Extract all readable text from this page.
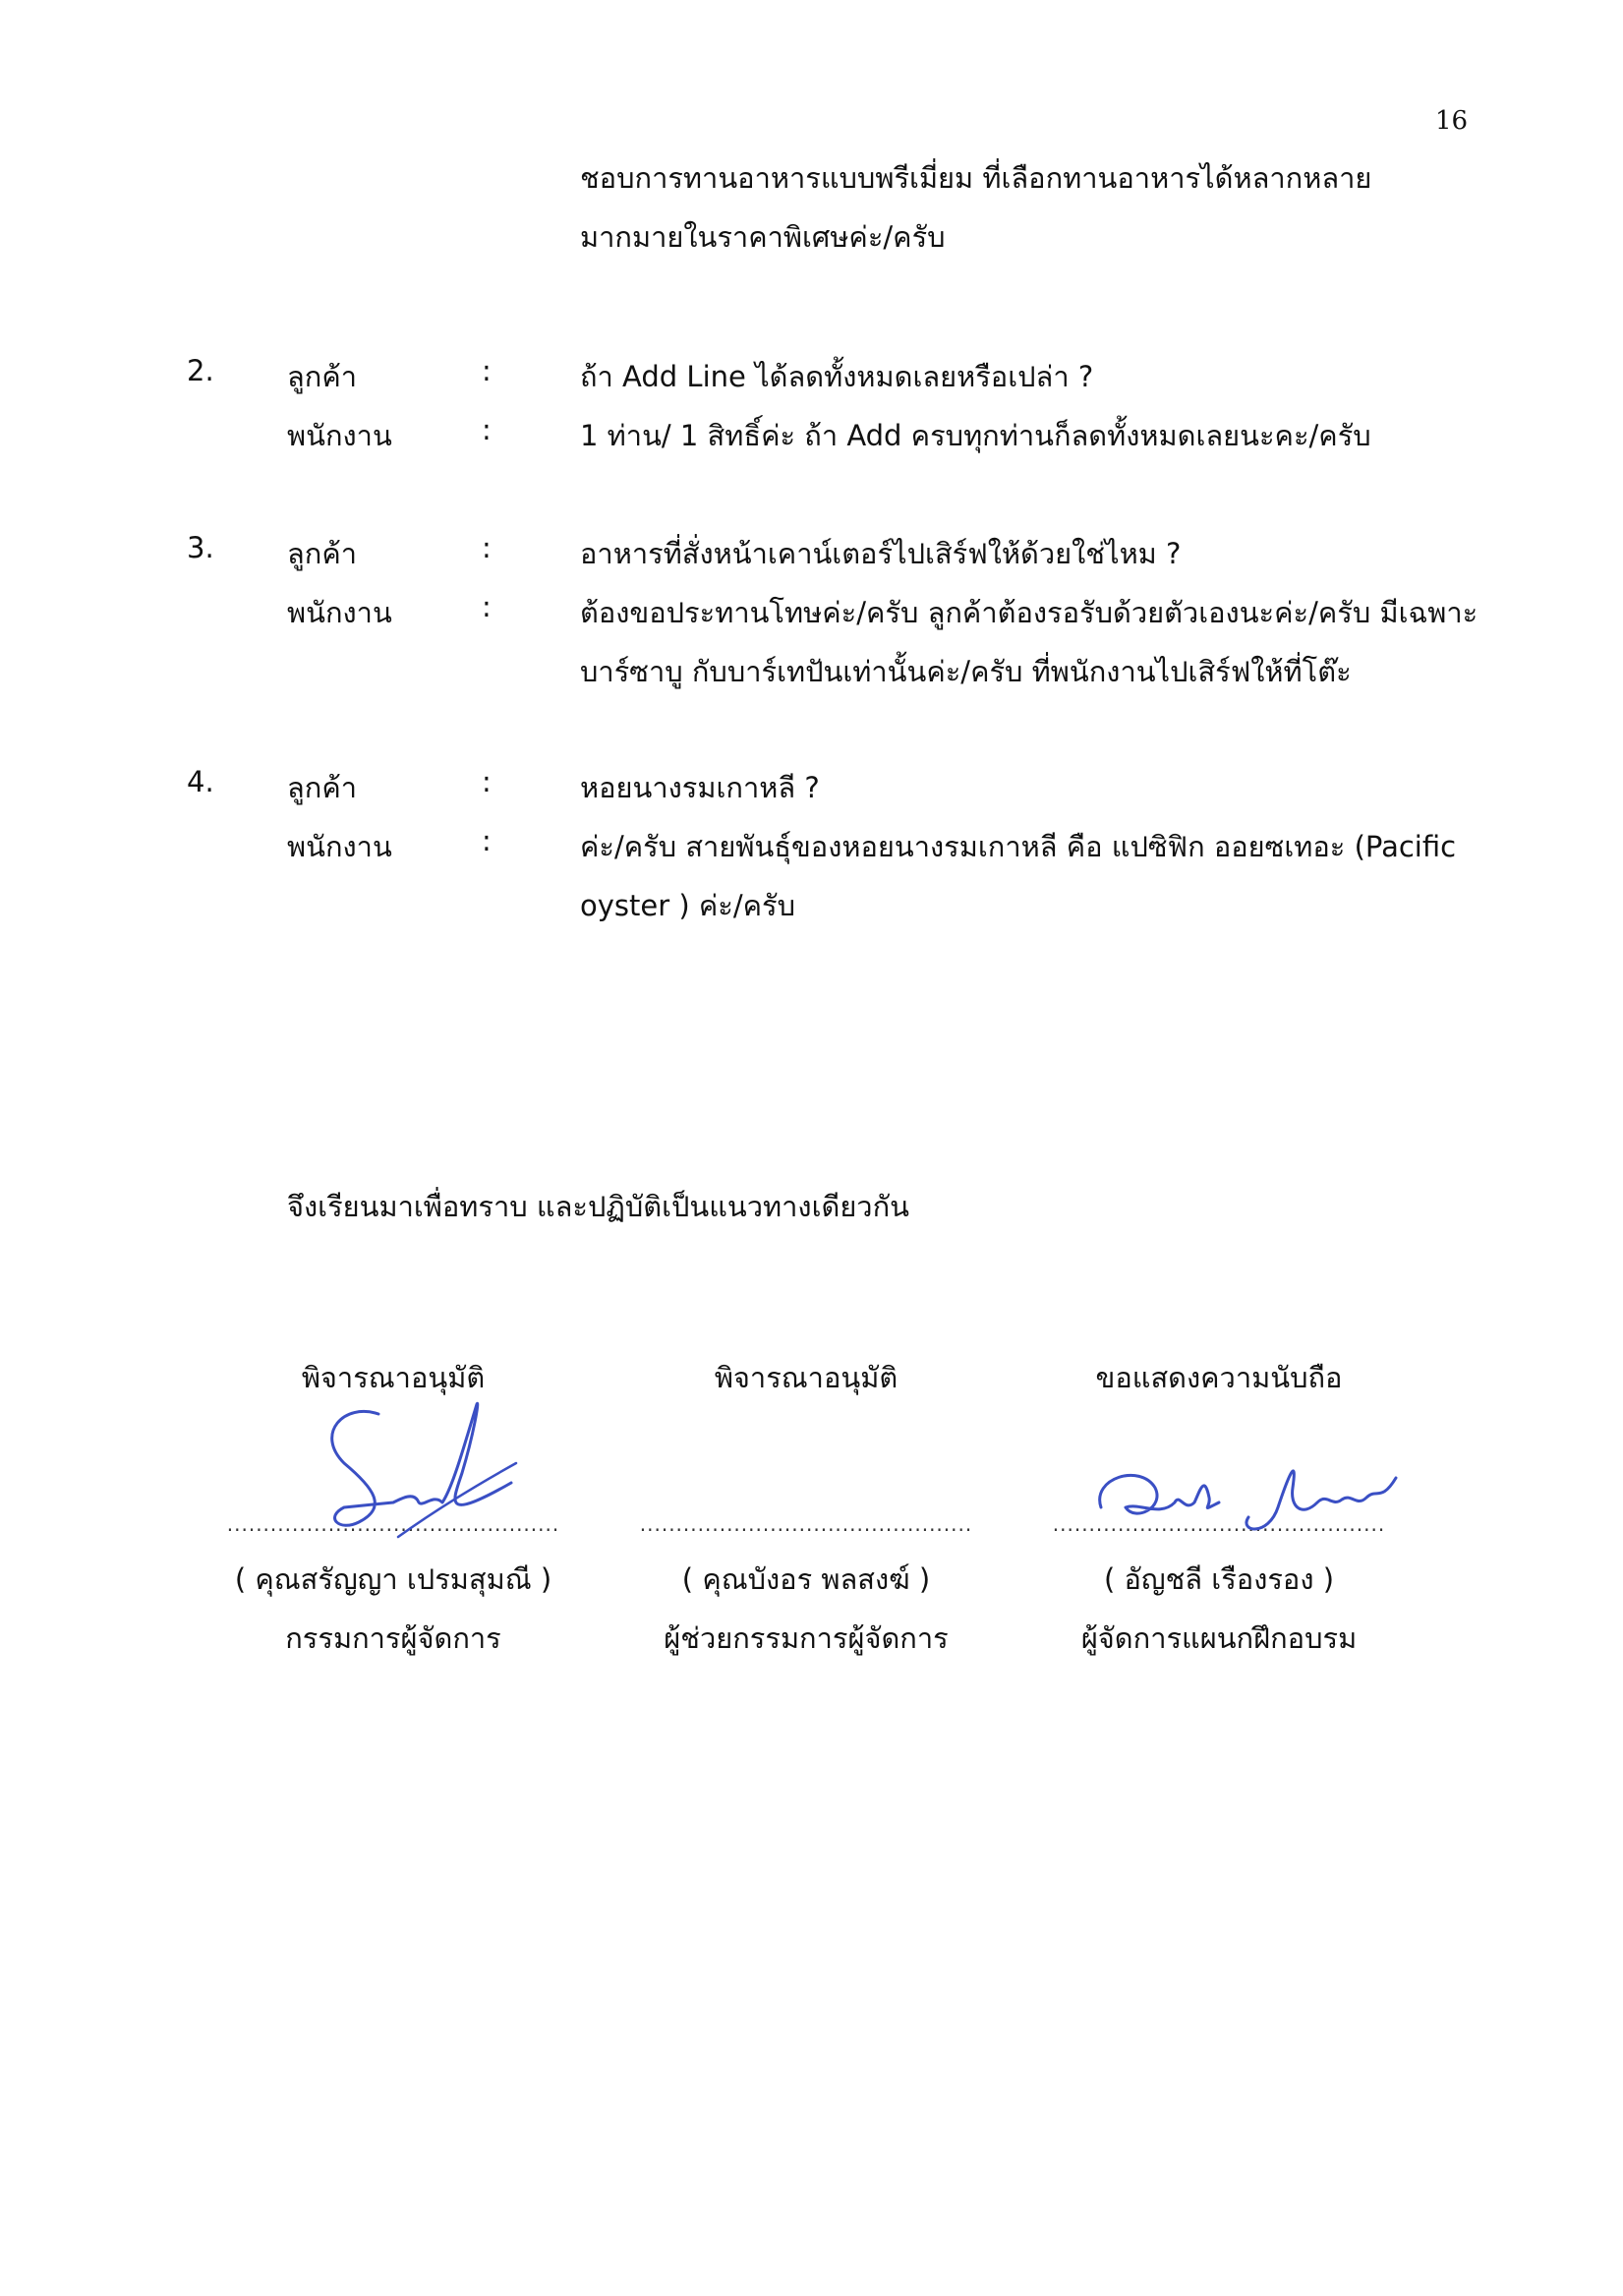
16
ชอบการทานอาหารแบบพรีเมี่ยม ที่เลือกทานอาหารได้หลากหลาย
มากมายในราคาพิเศษค่ะ/ครับ
2.	ลูกค้า	:	ถ้า Add Line ได้ลดทั้งหมดเลยหรือเปล่า ?
พนักงาน	:	1 ท่าน/ 1 สิทธิ์ค่ะ ถ้า Add ครบทุกท่านก็ลดทั้งหมดเลยนะคะ/ครับ
3.	ลูกค้า	:	อาหารที่สั่งหน้าเคาน์เตอร์ไปเสิร์ฟให้ด้วยใช่ไหม ?
พนักงาน	:	ต้องขอประทานโทษค่ะ/ครับ ลูกค้าต้องรอรับด้วยตัวเองนะค่ะ/ครับ มีเฉพาะ
บาร์ซาบู กับบาร์เทปันเท่านั้นค่ะ/ครับ ที่พนักงานไปเสิร์ฟให้ที่โต๊ะ
4.	ลูกค้า	:	หอยนางรมเกาหลี ?
พนักงาน	:	ค่ะ/ครับ สายพันธุ์ของหอยนางรมเกาหลี คือ แปซิฟิก ออยซเทอะ (Pacific
oyster ) ค่ะ/ครับ
จึงเรียนมาเพื่อทราบ และปฏิบัติเป็นแนวทางเดียวกัน
พิจารณาอนุมัติ
..............................................
( คุณสรัญญา เปรมสุมณี )
กรรมการผู้จัดการ
พิจารณาอนุมัติ
..............................................
( คุณบังอร พลสงฆ์ )
ผู้ช่วยกรรมการผู้จัดการ
ขอแสดงความนับถือ
..............................................
( อัญชลี เรืองรอง )
ผู้จัดการแผนกฝึกอบรม
